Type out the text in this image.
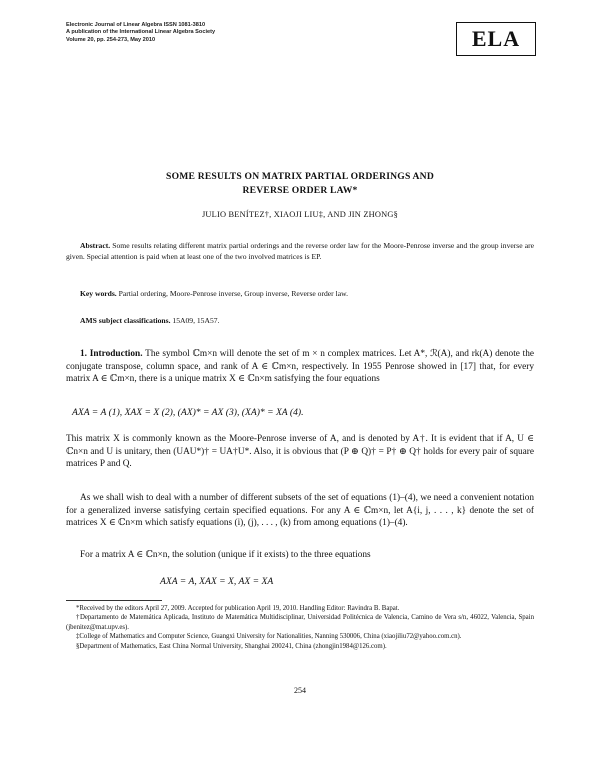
Electronic Journal of Linear Algebra ISSN 1081-3810
A publication of the International Linear Algebra Society
Volume 20, pp. 254-273, May 2010	ELA
SOME RESULTS ON MATRIX PARTIAL ORDERINGS AND
REVERSE ORDER LAW*
JULIO BENÍTEZ†, XIAOJI LIU‡, AND JIN ZHONG§
Abstract. Some results relating different matrix partial orderings and the reverse order law for the Moore-Penrose inverse and the group inverse are given. Special attention is paid when at least one of the two involved matrices is EP.
Key words. Partial ordering, Moore-Penrose inverse, Group inverse, Reverse order law.
AMS subject classifications. 15A09, 15A57.
1. Introduction. The symbol ℂm×n will denote the set of m × n complex matrices. Let A*, ℛ(A), and rk(A) denote the conjugate transpose, column space, and rank of A ∈ ℂm×n, respectively. In 1955 Penrose showed in [17] that, for every matrix A ∈ ℂm×n, there is a unique matrix X ∈ ℂn×m satisfying the four equations
AXA = A (1), XAX = X (2), (AX)* = AX (3), (XA)* = XA (4).
This matrix X is commonly known as the Moore-Penrose inverse of A, and is denoted by A†. It is evident that if A, U ∈ ℂn×n and U is unitary, then (UAU*)† = UA†U*. Also, it is obvious that (P ⊕ Q)† = P† ⊕ Q† holds for every pair of square matrices P and Q.
As we shall wish to deal with a number of different subsets of the set of equations (1)–(4), we need a convenient notation for a generalized inverse satisfying certain specified equations. For any A ∈ ℂm×n, let A{i, j, . . . , k} denote the set of matrices X ∈ ℂn×m which satisfy equations (i), (j), . . . , (k) from among equations (1)–(4).
For a matrix A ∈ ℂn×n, the solution (unique if it exists) to the three equations
AXA = A, XAX = X, AX = XA

*Received by the editors April 27, 2009. Accepted for publication April 19, 2010. Handling Editor: Ravindra B. Bapat.

†Departamento de Matemática Aplicada, Instituto de Matemática Multidisciplinar, Universidad Politécnica de Valencia, Camino de Vera s/n, 46022, Valencia, Spain (jbenitez@mat.upv.es).

‡College of Mathematics and Computer Science, Guangxi University for Nationalities, Nanning 530006, China (xiaojiliu72@yahoo.com.cn).

§Department of Mathematics, East China Normal University, Shanghai 200241, China (zhongjin1984@126.com).

254
